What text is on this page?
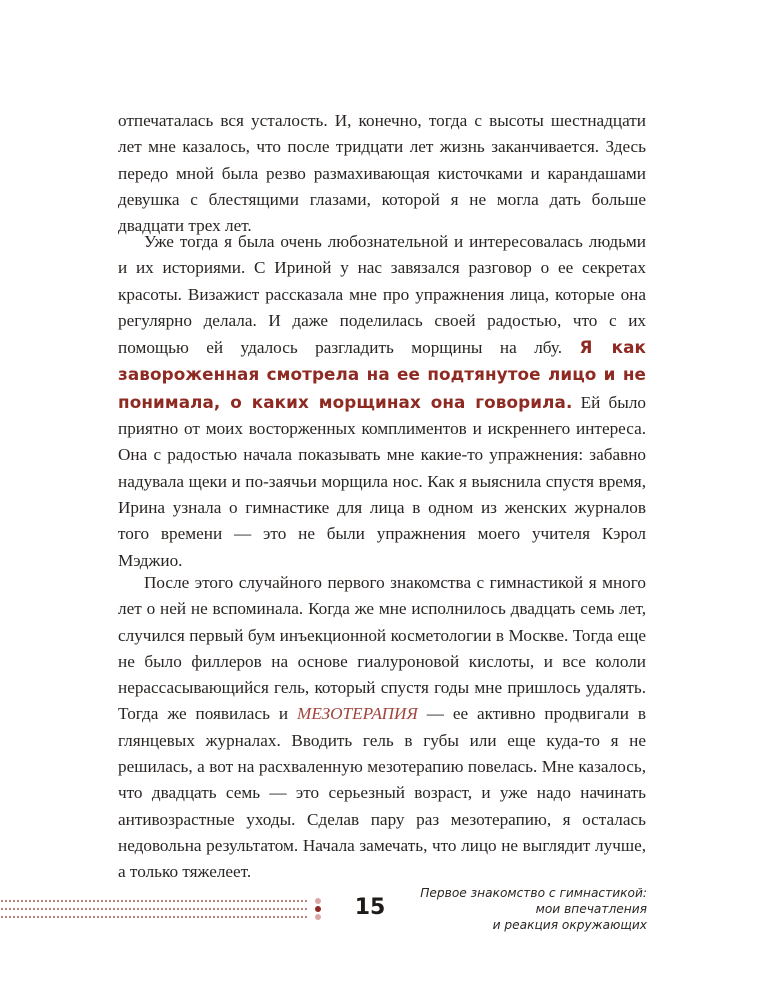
отпечаталась вся усталость. И, конечно, тогда с высоты шестнадцати лет мне казалось, что после тридцати лет жизнь заканчивается. Здесь передо мной была резво размахивающая кисточками и карандашами девушка с блестящими глазами, которой я не могла дать больше двадцати трех лет.

Уже тогда я была очень любознательной и интересовалась людьми и их историями. С Ириной у нас завязался разговор о ее секретах красоты. Визажист рассказала мне про упражнения лица, которые она регулярно делала. И даже поделилась своей радостью, что с их помощью ей удалось разгладить морщины на лбу. Я как завороженная смотрела на ее подтянутое лицо и не понимала, о каких морщинах она говорила. Ей было приятно от моих восторженных комплиментов и искреннего интереса. Она с радостью начала показывать мне какие-то упражнения: забавно надувала щеки и по-заячьи морщила нос. Как я выяснила спустя время, Ирина узнала о гимнастике для лица в одном из женских журналов того времени — это не были упражнения моего учителя Кэрол Мэджио.

После этого случайного первого знакомства с гимнастикой я много лет о ней не вспоминала. Когда же мне исполнилось двадцать семь лет, случился первый бум инъекционной косметологии в Москве. Тогда еще не было филлеров на основе гиалуроновой кислоты, и все кололи нерассасывающийся гель, который спустя годы мне пришлось удалять. Тогда же появилась и МЕЗОТЕРАПИЯ — ее активно продвигали в глянцевых журналах. Вводить гель в губы или еще куда-то я не решилась, а вот на расхваленную мезотерапию повелась. Мне казалось, что двадцать семь — это серьезный возраст, и уже надо начинать антивозрастные уходы. Сделав пару раз мезотерапию, я осталась недовольна результатом. Начала замечать, что лицо не выглядит лучше, а только тяжелеет.

15
Первое знакомство с гимнастикой:
мои впечатления
и реакция окружающих
